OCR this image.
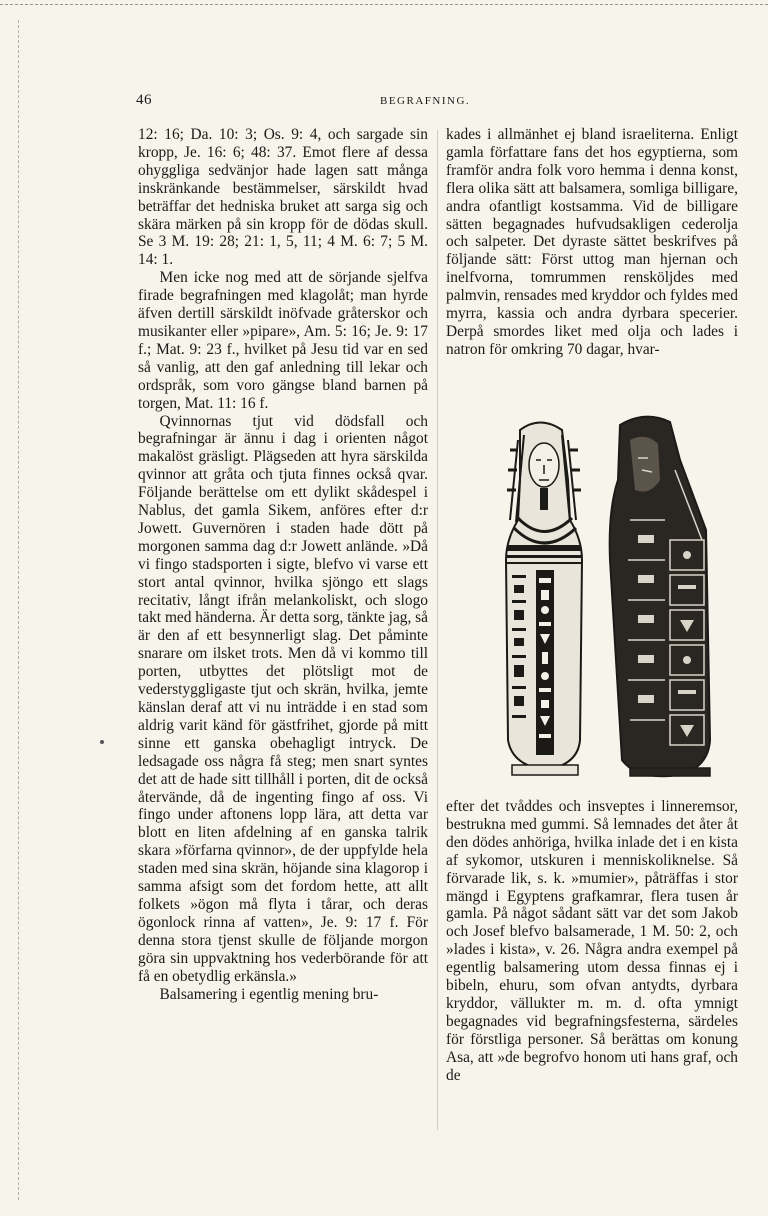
46	BEGRAFNING.

12: 16; Da. 10: 3; Os. 9: 4, och sargade sin kropp, Je. 16: 6; 48: 37. Emot flere af dessa ohyggliga sedvänjor hade lagen satt många inskränkande bestämmelser, särskildt hvad beträffar det hedniska bruket att sarga sig och skära märken på sin kropp för de dödas skull. Se 3 M. 19: 28; 21: 1, 5, 11; 4 M. 6: 7; 5 M. 14: 1.

Men icke nog med att de sörjande sjelfva firade begrafningen med klagolåt; man hyrde äfven dertill särskildt inöfvade gråterskor och musikanter eller »pipare», Am. 5: 16; Je. 9: 17 f.; Mat. 9: 23 f., hvilket på Jesu tid var en sed så vanlig, att den gaf anledning till lekar och ordspråk, som voro gängse bland barnen på torgen, Mat. 11: 16 f.

Qvinnornas tjut vid dödsfall och begrafningar är ännu i dag i orienten något makalöst gräsligt. Plägseden att hyra särskilda qvinnor att gråta och tjuta finnes också qvar. Följande berättelse om ett dylikt skådespel i Nablus, det gamla Sikem, anföres efter d:r Jowett. Guvernören i staden hade dött på morgonen samma dag d:r Jowett anlände. »Då vi fingo stadsporten i sigte, blefvo vi varse ett stort antal qvinnor, hvilka sjöngo ett slags recitativ, långt ifrån melankoliskt, och slogo takt med händerna. Är detta sorg, tänkte jag, så är den af ett besynnerligt slag. Det påminte snarare om ilsket trots. Men då vi kommo till porten, utbyttes det plötsligt mot de vederstyggligaste tjut och skrän, hvilka, jemte känslan deraf att vi nu inträdde i en stad som aldrig varit känd för gästfrihet, gjorde på mitt sinne ett ganska obehagligt intryck. De ledsagade oss några få steg; men snart syntes det att de hade sitt tillhåll i porten, dit de också återvände, då de ingenting fingo af oss. Vi fingo under aftonens lopp lära, att detta var blott en liten afdelning af en ganska talrik skara »förfarna qvinnor», de der uppfylde hela staden med sina skrän, höjande sina klagorop i samma afsigt som det fordom hette, att allt folkets »ögon må flyta i tårar, och deras ögonlock rinna af vatten», Je. 9: 17 f. För denna stora tjenst skulle de följande morgon göra sin uppvaktning hos vederbörande för att få en obetydlig erkänsla.»

Balsamering i egentlig mening bru-

kades i allmänhet ej bland israeliterna. Enligt gamla författare fans det hos egyptierna, som framför andra folk voro hemma i denna konst, flera olika sätt att balsamera, somliga billigare, andra ofantligt kostsamma. Vid de billigare sätten begagnades hufvudsakligen cederolja och salpeter. Det dyraste sättet beskrifves på följande sätt: Först uttog man hjernan och inelfvorna, tomrummen rensköljdes med palmvin, rensades med kryddor och fyldes med myrra, kassia och andra dyrbara specerier. Derpå smordes liket med olja och lades i natron för omkring 70 dagar, hvar-

efter det tvåddes och insveptes i linneremsor, bestrukna med gummi. Så lemnades det åter åt den dödes anhöriga, hvilka inlade det i en kista af sykomor, utskuren i menniskoliknelse. Så förvarade lik, s. k. »mumier», påträffas i stor mängd i Egyptens grafkamrar, flera tusen år gamla. På något sådant sätt var det som Jakob och Josef blefvo balsamerade, 1 M. 50: 2, och »lades i kista», v. 26. Några andra exempel på egentlig balsamering utom dessa finnas ej i bibeln, ehuru, som ofvan antydts, dyrbara kryddor, vällukter m. m. d. ofta ymnigt begagnades vid begrafningsfesterna, särdeles för förstliga personer. Så berättas om konung Asa, att »de begrofvo honom uti hans graf, och de
